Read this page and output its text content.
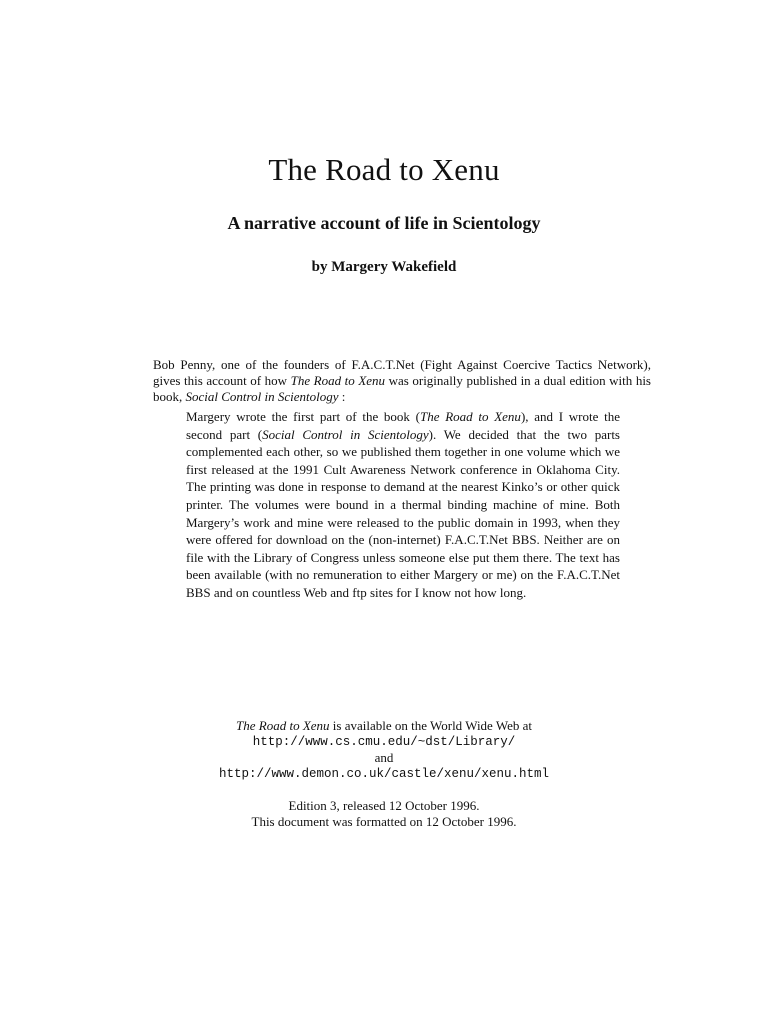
The Road to Xenu
A narrative account of life in Scientology
by Margery Wakefield

Bob Penny, one of the founders of F.A.C.T.Net (Fight Against Coercive Tactics Network), gives this account of how The Road to Xenu was originally published in a dual edition with his book, Social Control in Scientology :

Margery wrote the first part of the book (The Road to Xenu), and I wrote the second part (Social Control in Scientology). We decided that the two parts complemented each other, so we published them together in one volume which we first released at the 1991 Cult Awareness Network conference in Oklahoma City. The printing was done in response to demand at the nearest Kinko’s or other quick printer. The volumes were bound in a thermal binding machine of mine. Both Margery’s work and mine were released to the public domain in 1993, when they were offered for download on the (non-internet) F.A.C.T.Net BBS. Neither are on file with the Library of Congress unless someone else put them there. The text has been available (with no remuneration to either Margery or me) on the F.A.C.T.Net BBS and on countless Web and ftp sites for I know not how long.

The Road to Xenu is available on the World Wide Web at
http://www.cs.cmu.edu/~dst/Library/
and
http://www.demon.co.uk/castle/xenu/xenu.html
Edition 3, released 12 October 1996.
This document was formatted on 12 October 1996.
